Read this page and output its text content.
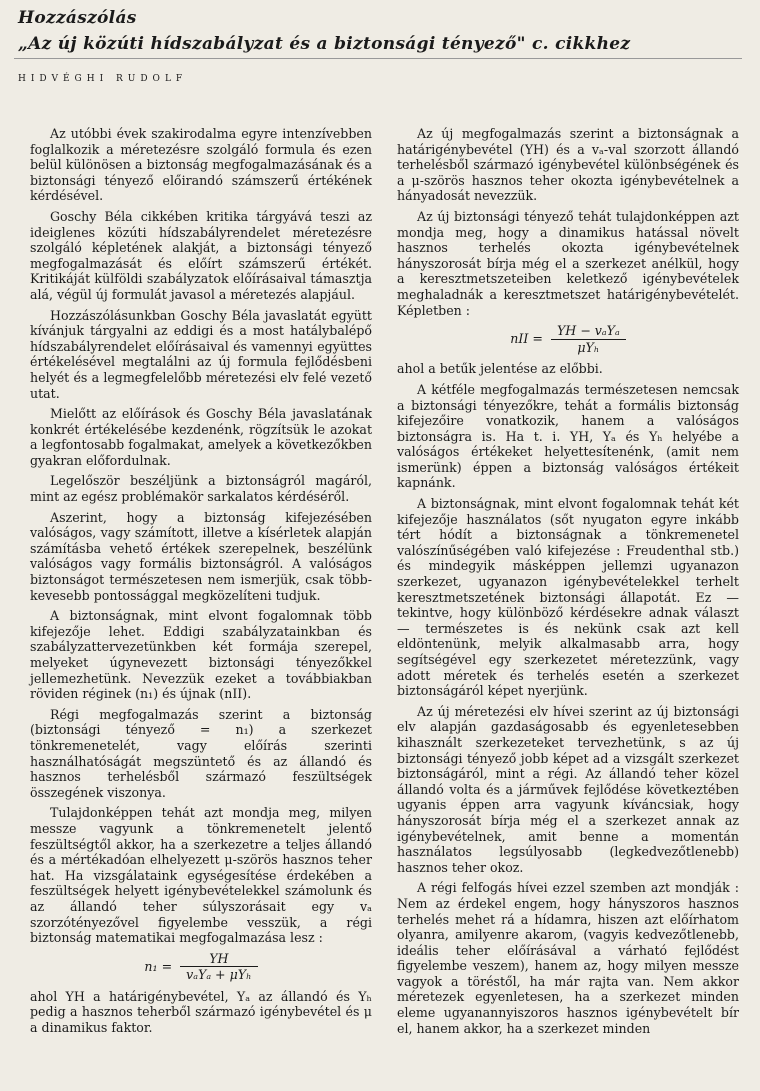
Hozzászólás
„Az új közúti hídszabályzat és a biztonsági tényező" c. cikkhez
HIDVÉGHI RUDOLF

Az utóbbi évek szakirodalma egyre intenzívebben foglalkozik a méretezésre szolgáló formula és ezen belül különösen a biztonság megfogalmazásának és a biztonsági tényező előirandó számszerű értékének kérdésével.

Goschy Béla cikkében kritika tárgyává teszi az ideiglenes közúti hídszabályrendelet méretezésre szolgáló képletének alakját, a biztonsági tényező megfogalmazását és előírt számszerű értékét. Kritikáját külföldi szabályzatok előírásaival támasztja alá, végül új formulát javasol a méretezés alapjául.

Hozzászólásunkban Goschy Béla javaslatát együtt kívánjuk tárgyalni az eddigi és a most hatálybalépő hídszabályrendelet előírásaival és vamennyi együttes értékelésével megtalálni az új formula fejlődésbeni helyét és a legmegfelelőbb méretezési elv felé vezető utat.

Mielőtt az előírások és Goschy Béla javaslatának konkrét értékelésébe kezdenénk, rögzítsük le azokat a legfontosabb fogalmakat, amelyek a következőkben gyakran előfordulnak.

Legelőször beszéljünk a biztonságról magáról, mint az egész problémakör sarkalatos kérdéséről.

Aszerint, hogy a biztonság kifejezésében valóságos, vagy számított, illetve a kísérletek alapján számításba vehető értékek szerepelnek, beszélünk valóságos vagy formális biztonságról. A valóságos biztonságot természetesen nem ismerjük, csak több-kevesebb pontossággal megközelíteni tudjuk.

A biztonságnak, mint elvont fogalomnak több kifejezője lehet. Eddigi szabályzatainkban és szabályzattervezetünkben két formája szerepel, melyeket úgynevezett biztonsági tényezőkkel jellemezhetünk. Nevezzük ezeket a továbbiakban röviden réginek (n₁) és újnak (nII).

Régi megfogalmazás szerint a biztonság (biztonsági tényező = n₁) a szerkezet tönkremenetelét, vagy előírás szerinti használhatóságát megszüntető és az állandó és hasznos terhelésből származó feszültségek összegének viszonya.

Tulajdonképpen tehát azt mondja meg, milyen messze vagyunk a tönkremenetelt jelentő feszültségtől akkor, ha a szerkezetre a teljes állandó és a mértékadóan elhelyezett μ-szörös hasznos teher hat. Ha vizsgálataink egységesítése érdekében a feszültségek helyett igénybevételekkel számolunk és az állandó teher súlyszorásait egy vₐ szorzótényezővel figyelembe vesszük, a régi biztonság matematikai megfogalmazása lesz :

$n_1 = \frac{YH}{\text{vₐYₐ + μYₕ}}$

ahol YH a határigénybevétel, Yₐ az állandó és Yₕ pedig a hasznos teherből származó igénybevétel és μ a dinamikus faktor.

Az új megfogalmazás szerint a biztonságnak a határigénybevétel (YH) és a vₐ-val szorzott állandó terhelésből származó igénybevétel különbségének és a μ-szörös hasznos teher okozta igénybevételnek a hányadosát nevezzük.

Az új biztonsági tényező tehát tulajdonképpen azt mondja meg, hogy a dinamikus hatással növelt hasznos terhelés okozta igénybevételnek hányszorosát bírja még el a szerkezet anélkül, hogy a keresztmetszeteiben keletkező igénybevételek meghaladnák a keresztmetszet határigénybevételét. Képletben :

nII = $\frac{\text{YH − vₐYₐ}}{\text{μYₕ}}$

ahol a betűk jelentése az előbbi.

A kétféle megfogalmazás természetesen nemcsak a biztonsági tényezőkre, tehát a formális biztonság kifejezőire vonatkozik, hanem a valóságos biztonságra is. Ha t. i. YH, Yₐ és Yₕ helyébe a valóságos értékeket helyettesítenénk, (amit nem ismerünk) éppen a biztonság valóságos értékeit kapnánk.

A biztonságnak, mint elvont fogalomnak tehát két kifejezője használatos (sőt nyugaton egyre inkább tért hódít a biztonságnak a tönkremenetel valószínűségében való kifejezése : Freudenthal stb.) és mindegyik másképpen jellemzi ugyanazon szerkezet, ugyanazon igénybevételekkel terhelt keresztmetszetének biztonsági állapotát. Ez — tekintve, hogy különböző kérdésekre adnak választ — természetes is és nekünk csak azt kell eldöntenünk, melyik alkalmasabb arra, hogy segítségével egy szerkezetet méretezzünk, vagy adott méretek és terhelés esetén a szerkezet biztonságáról képet nyerjünk.

Az új méretezési elv hívei szerint az új biztonsági elv alapján gazdaságosabb és egyenletesebben kihasznált szerkezeteket tervezhetünk, s az új biztonsági tényező jobb képet ad a vizsgált szerkezet biztonságáról, mint a régi. Az állandó teher közel állandó volta és a járművek fejlődése következtében ugyanis éppen arra vagyunk kíváncsiak, hogy hányszorosát bírja még el a szerkezet annak az igénybevételnek, amit benne a momentán használatos legsúlyosabb (legkedvezőtlenebb) hasznos teher okoz.

A régi felfogás hívei ezzel szemben azt mondják : Nem az érdekel engem, hogy hányszoros hasznos terhelés mehet rá a hídamra, hiszen azt előírhatom olyanra, amilyenre akarom, (vagyis kedvezőtlenebb, ideális teher előírásával a várható fejlődést figyelembe veszem), hanem az, hogy milyen messze vagyok a töréstől, ha már rajta van. Nem akkor méretezek egyenletesen, ha a szerkezet minden eleme ugyanannyiszoros hasznos igénybevételt bír el, hanem akkor, ha a szerkezet minden
